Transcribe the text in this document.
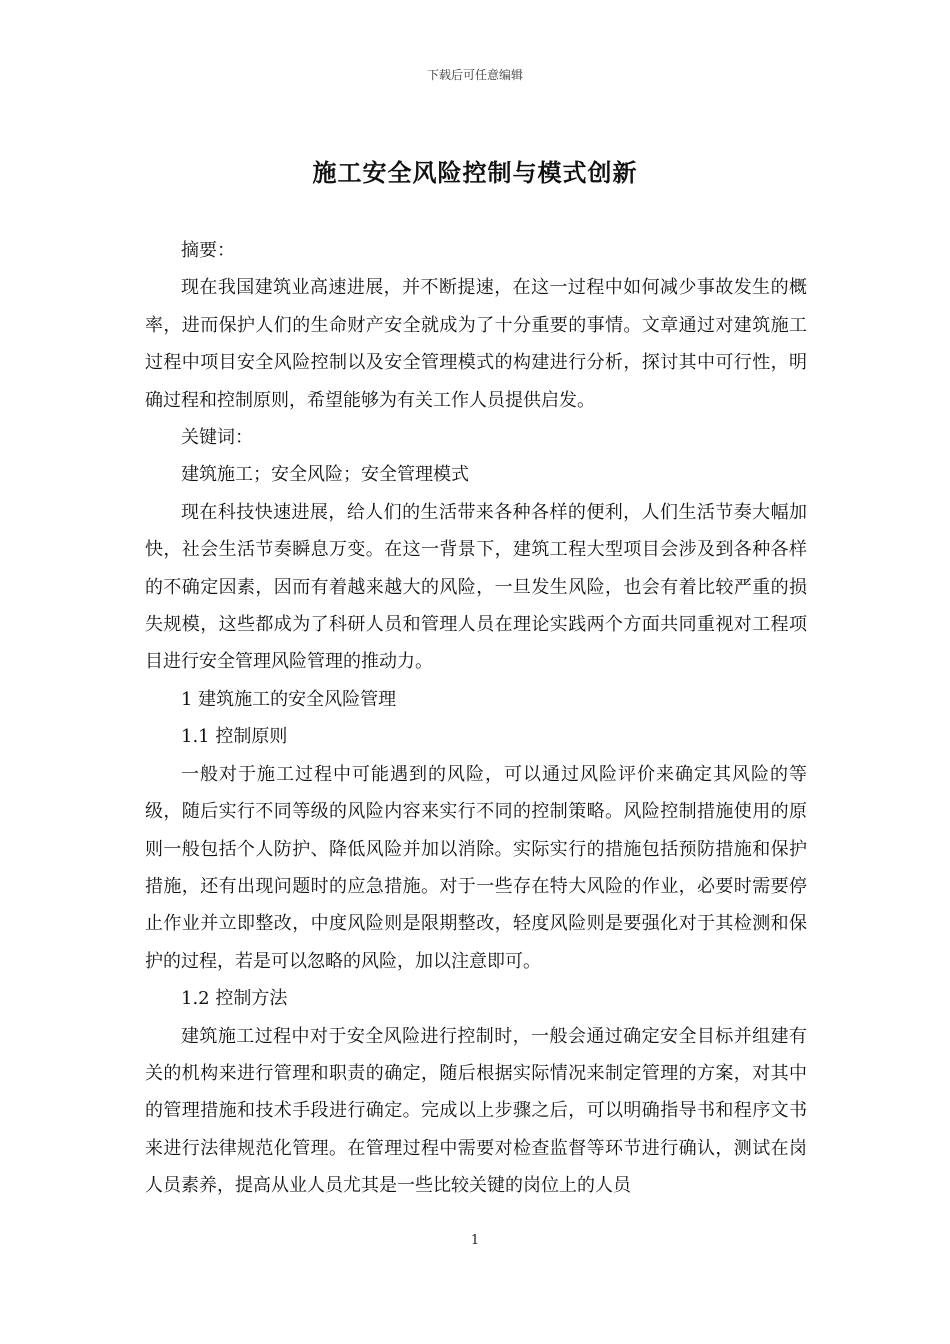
下载后可任意编辑
施工安全风险控制与模式创新

摘要：

现在我国建筑业高速进展，并不断提速，在这一过程中如何减少事故发生的概率，进而保护人们的生命财产安全就成为了十分重要的事情。文章通过对建筑施工过程中项目安全风险控制以及安全管理模式的构建进行分析，探讨其中可行性，明确过程和控制原则，希望能够为有关工作人员提供启发。

关键词：

建筑施工；安全风险；安全管理模式

现在科技快速进展，给人们的生活带来各种各样的便利，人们生活节奏大幅加快，社会生活节奏瞬息万变。在这一背景下，建筑工程大型项目会涉及到各种各样的不确定因素，因而有着越来越大的风险，一旦发生风险，也会有着比较严重的损失规模，这些都成为了科研人员和管理人员在理论实践两个方面共同重视对工程项目进行安全管理风险管理的推动力。

1 建筑施工的安全风险管理

1.1 控制原则

一般对于施工过程中可能遇到的风险，可以通过风险评价来确定其风险的等级，随后实行不同等级的风险内容来实行不同的控制策略。风险控制措施使用的原则一般包括个人防护、降低风险并加以消除。实际实行的措施包括预防措施和保护措施，还有出现问题时的应急措施。对于一些存在特大风险的作业，必要时需要停止作业并立即整改，中度风险则是限期整改，轻度风险则是要强化对于其检测和保护的过程，若是可以忽略的风险，加以注意即可。

1.2 控制方法

建筑施工过程中对于安全风险进行控制时，一般会通过确定安全目标并组建有关的机构来进行管理和职责的确定，随后根据实际情况来制定管理的方案，对其中的管理措施和技术手段进行确定。完成以上步骤之后，可以明确指导书和程序文书来进行法律规范化管理。在管理过程中需要对检查监督等环节进行确认，测试在岗人员素养，提高从业人员尤其是一些比较关键的岗位上的人员

1
